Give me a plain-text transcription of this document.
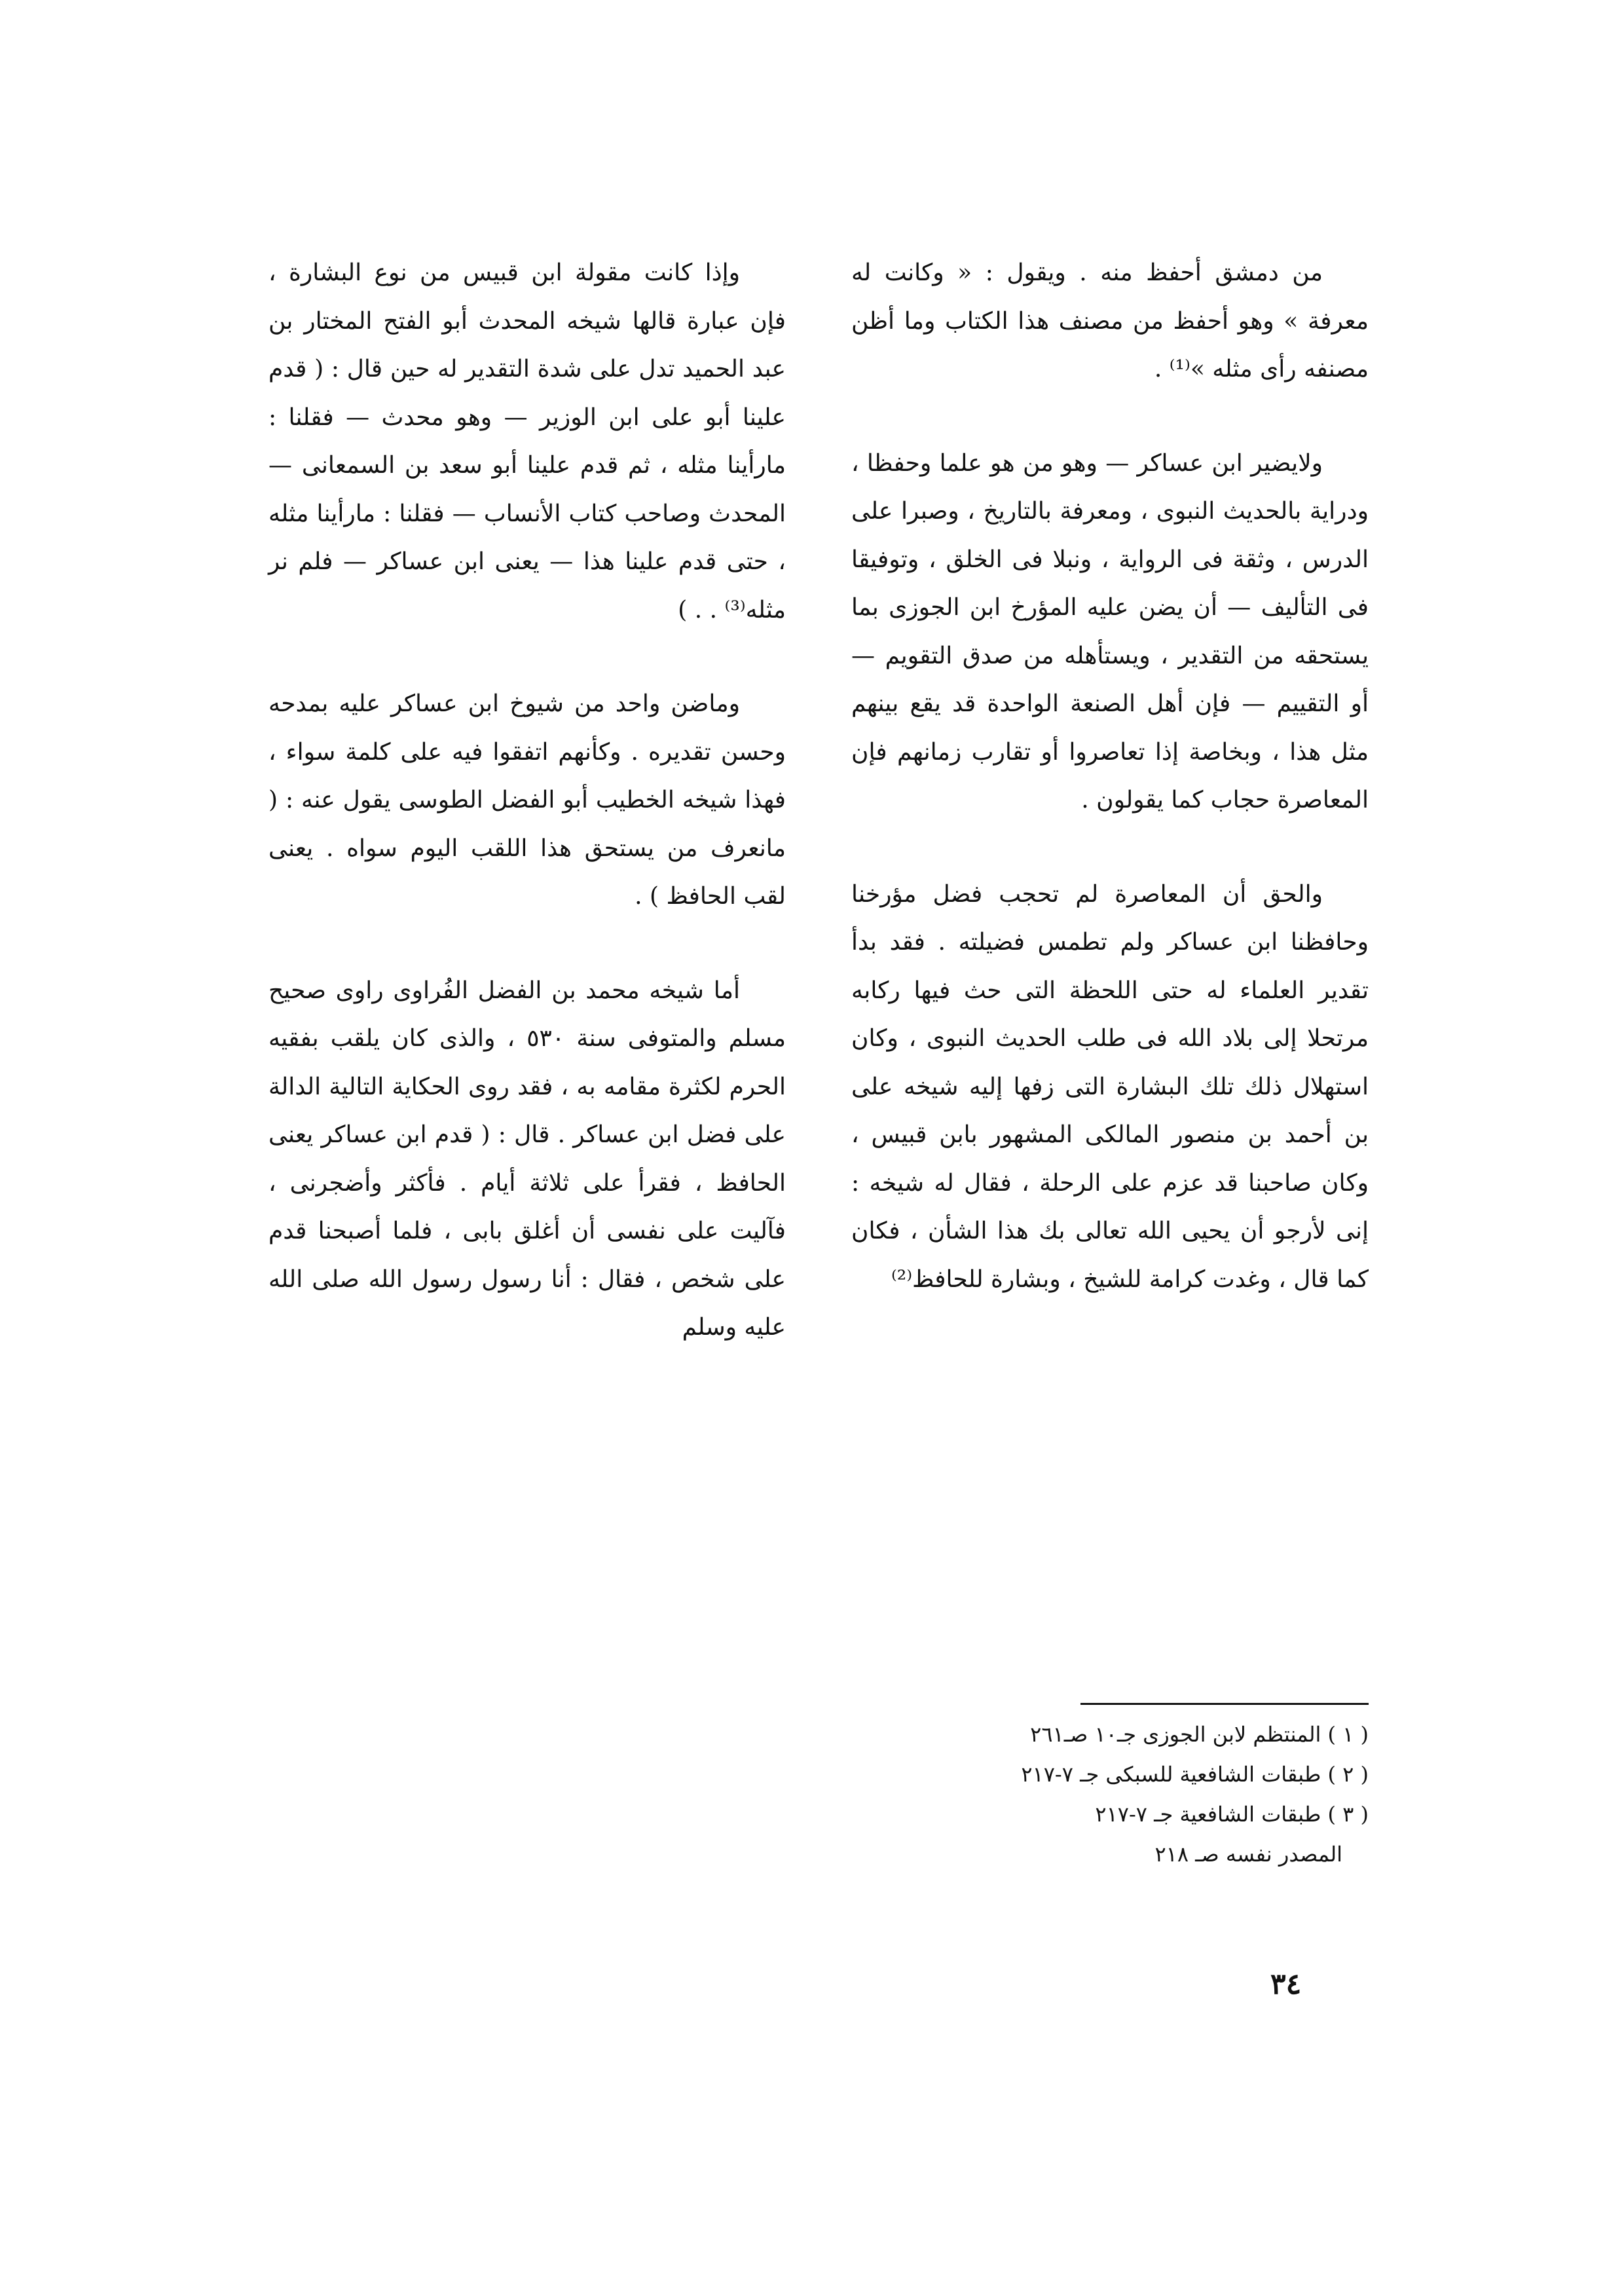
من دمشق أحفظ منه . ويقول : « وكانت له معرفة » وهو أحفظ من مصنف هذا الكتاب وما أظن مصنفه رأى مثله »⁽¹⁾ .

ولايضير ابن عساكر — وهو من هو علما وحفظا ، ودراية بالحديث النبوى ، ومعرفة بالتاريخ ، وصبرا على الدرس ، وثقة فى الرواية ، ونبلا فى الخلق ، وتوفيقا فى التأليف — أن يضن عليه المؤرخ ابن الجوزى بما يستحقه من التقدير ، ويستأهله من صدق التقويم — أو التقييم — فإن أهل الصنعة الواحدة قد يقع بينهم مثل هذا ، وبخاصة إذا تعاصروا أو تقارب زمانهم فإن المعاصرة حجاب كما يقولون .

والحق أن المعاصرة لم تحجب فضل مؤرخنا وحافظنا ابن عساكر ولم تطمس فضيلته . فقد بدأ تقدير العلماء له حتى اللحظة التى حث فيها ركابه مرتحلا إلى بلاد الله فى طلب الحديث النبوى ، وكان استهلال ذلك تلك البشارة التى زفها إليه شيخه على بن أحمد بن منصور المالكى المشهور بابن قبيس ، وكان صاحبنا قد عزم على الرحلة ، فقال له شيخه : إنى لأرجو أن يحيى الله تعالى بك هذا الشأن ، فكان كما قال ، وغدت كرامة للشيخ ، وبشارة للحافظ⁽²⁾

وإذا كانت مقولة ابن قبيس من نوع البشارة ، فإن عبارة قالها شيخه المحدث أبو الفتح المختار بن عبد الحميد تدل على شدة التقدير له حين قال : ( قدم علينا أبو على ابن الوزير — وهو محدث — فقلنا : مارأينا مثله ، ثم قدم علينا أبو سعد بن السمعانى — المحدث وصاحب كتاب الأنساب — فقلنا : مارأينا مثله ، حتى قدم علينا هذا — يعنى ابن عساكر — فلم نر مثله⁽³⁾ . . )

وماضن واحد من شيوخ ابن عساكر عليه بمدحه وحسن تقديره . وكأنهم اتفقوا فيه على كلمة سواء ، فهذا شيخه الخطيب أبو الفضل الطوسى يقول عنه : ( مانعرف من يستحق هذا اللقب اليوم سواه . يعنى لقب الحافظ ) .

أما شيخه محمد بن الفضل الفُراوى راوى صحيح مسلم والمتوفى سنة ٥٣٠ ، والذى كان يلقب بفقيه الحرم لكثرة مقامه به ، فقد روى الحكاية التالية الدالة على فضل ابن عساكر . قال : ( قدم ابن عساكر يعنى الحافظ ، فقرأ على ثلاثة أيام . فأكثر وأضجرنى ، فآليت على نفسى أن أغلق بابى ، فلما أصبحنا قدم على شخص ، فقال : أنا رسول رسول الله صلى الله عليه وسلم

( ١ ) المنتظم لابن الجوزى جـ١٠ صـ٢٦١
( ٢ ) طبقات الشافعية للسبكى جـ ٧-٢١٧
( ٣ ) طبقات الشافعية جـ ٧-٢١٧
المصدر نفسه صـ ٢١٨
٣٤
